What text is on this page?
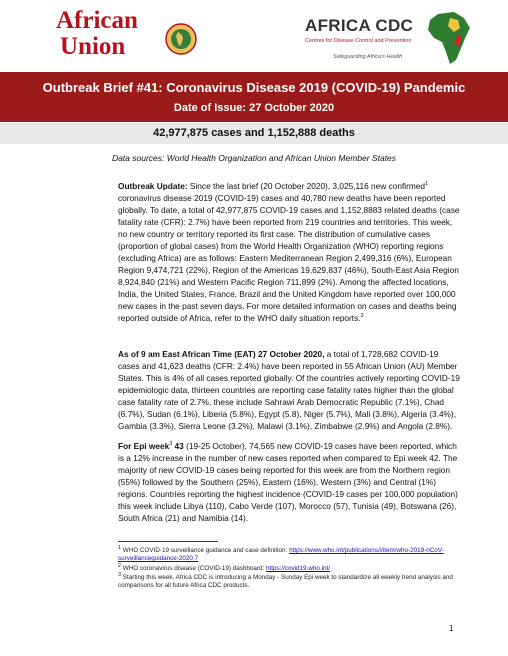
African
Union
AFRICA CDC
Centres for Disease Control and Prevention
Safeguarding Africa's Health
Outbreak Brief #41: Coronavirus Disease 2019 (COVID-19) Pandemic
Date of Issue: 27 October 2020
42,977,875 cases and 1,152,888 deaths
Data sources: World Health Organization and African Union Member States
Outbreak Update: Since the last brief (20 October 2020), 3,025,116 new confirmed$^1$ coronavirus disease 2019 (COVID-19) cases and 40,780 new deaths have been reported globally. To date, a total of 42,977,875 COVID-19 cases and 1,152,8883 related deaths (case fatality rate (CFR): 2.7%) have been reported from 219 countries and territories. This week, no new country or territory reported its first case. The distribution of cumulative cases (proportion of global cases) from the World Health Organization (WHO) reporting regions (excluding Africa) are as follows: Eastern Mediterranean Region 2,499,316 (6%), European Region 9,474,721 (22%), Region of the Americas 19,629,837 (46%), South-East Asia Region 8,924,840 (21%) and Western Pacific Region 711,899 (2%). Among the affected locations, India, the United States, France, Brazil and the United Kingdom have reported over 100,000 new cases in the past seven days. For more detailed information on cases and deaths being reported outside of Africa, refer to the WHO daily situation reports.$^2$
As of 9 am East African Time (EAT) 27 October 2020, a total of 1,728,682 COVID-19 cases and 41,623 deaths (CFR: 2.4%) have been reported in 55 African Union (AU) Member States. This is 4% of all cases reported globally. Of the countries actively reporting COVID-19 epidemiologic data, thirteen countries are reporting case fatality rates higher than the global case fatality rate of 2.7%, these include Sahrawi Arab Democratic Republic (7.1%), Chad (6.7%), Sudan (6.1%), Liberia (5.8%), Egypt (5.8), Niger (5.7%), Mali (3.8%), Algeria (3.4%), Gambia (3.3%), Sierra Leone (3.2%), Malawi (3.1%), Zimbabwe (2.9%) and Angola (2.8%).
For Epi week$^3$ 43 (19-25 October), 74,565 new COVID-19 cases have been reported, which is a 12% increase in the number of new cases reported when compared to Epi week 42. The majority of new COVID-19 cases being reported for this week are from the Northern region (55%) followed by the Southern (25%), Eastern (16%), Western (3%) and Central (1%) regions. Countries reporting the highest incidence (COVID-19 cases per 100,000 population) this week include Libya (110), Cabo Verde (107), Morocco (57), Tunisia (49), Botswana (26), South Africa (21) and Namibia (14).
$^1$ WHO COVID-19 surveillance guidance and case definition: https://www.who.int/publications/i/item/who-2019-nCoV-surveillanceguidance-2020.7
$^2$ WHO coronavirus disease (COVID-19) dashboard: https://covid19.who.int/
$^3$ Starting this week, Africa CDC is introducing a Monday - Sunday Epi week to standardize all weekly trend analysis and comparisons for all future Africa CDC products.
1
